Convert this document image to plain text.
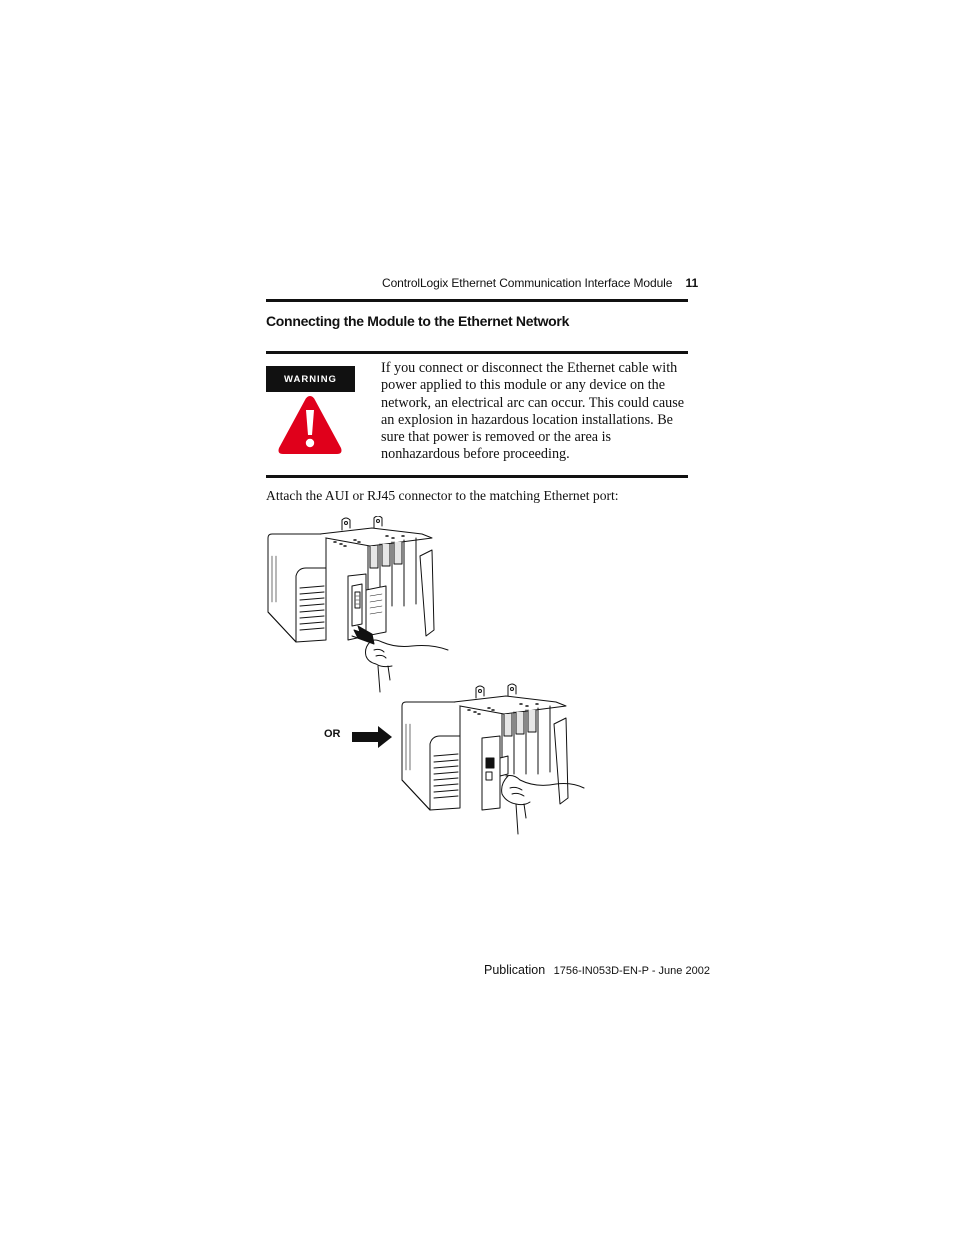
ControlLogix Ethernet Communication Interface Module 11
Connecting the Module to the Ethernet Network
WARNING
If you connect or disconnect the Ethernet cable with power applied to this module or any device on the network, an electrical arc can occur. This could cause an explosion in hazardous location installations. Be sure that power is removed or the area is nonhazardous before proceeding.
Attach the AUI or RJ45 connector to the matching Ethernet port:
OR
Publication 1756-IN053D-EN-P - June 2002
